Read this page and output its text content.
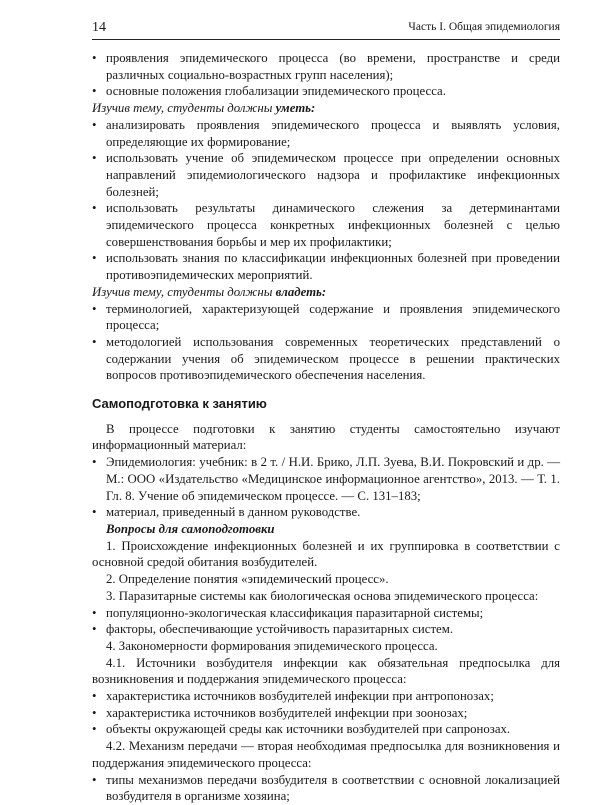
14	Часть I. Общая эпидемиология

• проявления эпидемического процесса (во времени, пространстве и среди различных социально-возрастных групп населения);

• основные положения глобализации эпидемического процесса.

Изучив тему, студенты должны уметь:

• анализировать проявления эпидемического процесса и выявлять условия, определяющие их формирование;

• использовать учение об эпидемическом процессе при определении основных направлений эпидемиологического надзора и профилактике инфекционных болезней;

• использовать результаты динамического слежения за детерминантами эпидемического процесса конкретных инфекционных болезней с целью совершенствования борьбы и мер их профилактики;

• использовать знания по классификации инфекционных болезней при проведении противоэпидемических мероприятий.

Изучив тему, студенты должны владеть:

• терминологией, характеризующей содержание и проявления эпидемического процесса;

• методологией использования современных теоретических представлений о содержании учения об эпидемическом процессе в решении практических вопросов противоэпидемического обеспечения населения.

Самоподготовка к занятию

В процессе подготовки к занятию студенты самостоятельно изучают информационный материал:

• Эпидемиология: учебник: в 2 т. / Н.И. Брико, Л.П. Зуева, В.И. Покровский и др. — М.: ООО «Издательство «Медицинское информационное агентство», 2013. — Т. 1. Гл. 8. Учение об эпидемическом процессе. — С. 131–183;

• материал, приведенный в данном руководстве.

Вопросы для самоподготовки

1. Происхождение инфекционных болезней и их группировка в соответствии с основной средой обитания возбудителей.

2. Определение понятия «эпидемический процесс».

3. Паразитарные системы как биологическая основа эпидемического процесса:

• популяционно-экологическая классификация паразитарной системы;

• факторы, обеспечивающие устойчивость паразитарных систем.

4. Закономерности формирования эпидемического процесса.

4.1. Источники возбудителя инфекции как обязательная предпосылка для возникновения и поддержания эпидемического процесса:

• характеристика источников возбудителей инфекции при антропонозах;

• характеристика источников возбудителей инфекции при зоонозах;

• объекты окружающей среды как источники возбудителей при сапронозах.

4.2. Механизм передачи — вторая необходимая предпосылка для возникновения и поддержания эпидемического процесса:

• типы механизмов передачи возбудителя в соответствии с основной локализацией возбудителя в организме хозяина;
